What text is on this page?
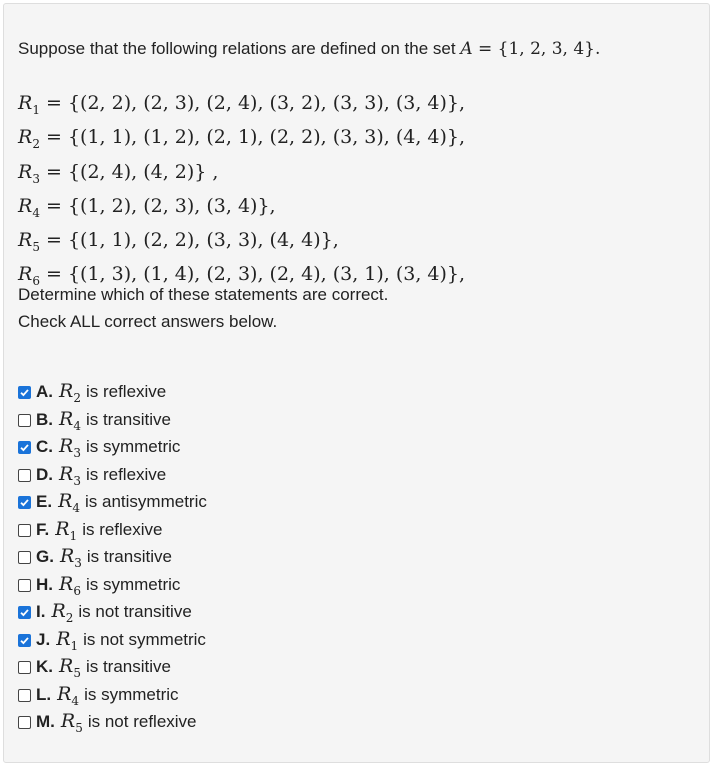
Suppose that the following relations are defined on the set A = {1, 2, 3, 4}.
$R_1 = \{(2$, 2), (2, 3), (2, 4), (3, 2), (3, 3), (3, 4)},
$R_2 = \{(1$, 1), (1, 2), (2, 1), (2, 2), (3, 3), (4, 4)},
$R_3 = \{(2$, 4), (4, 2)} ,
$R_4 = \{(1$, 2), (2, 3), (3, 4)},
$R_5 = \{(1$, 1), (2, 2), (3, 3), (4, 4)},
$R_6 = \{(1$, 3), (1, 4), (2, 3), (2, 4), (3, 1), (3, 4)},
Determine which of these statements are correct.
Check ALL correct answers below.
A. $R_2$ is reflexive
B. $R_4$ is transitive
C. $R_3$ is symmetric
D. $R_3$ is reflexive
E. $R_4$ is antisymmetric
F. $R_1$ is reflexive
G. $R_3$ is transitive
H. $R_6$ is symmetric
I. $R_2$ is not transitive
J. $R_1$ is not symmetric
K. $R_5$ is transitive
L. $R_4$ is symmetric
M. $R_5$ is not reflexive
